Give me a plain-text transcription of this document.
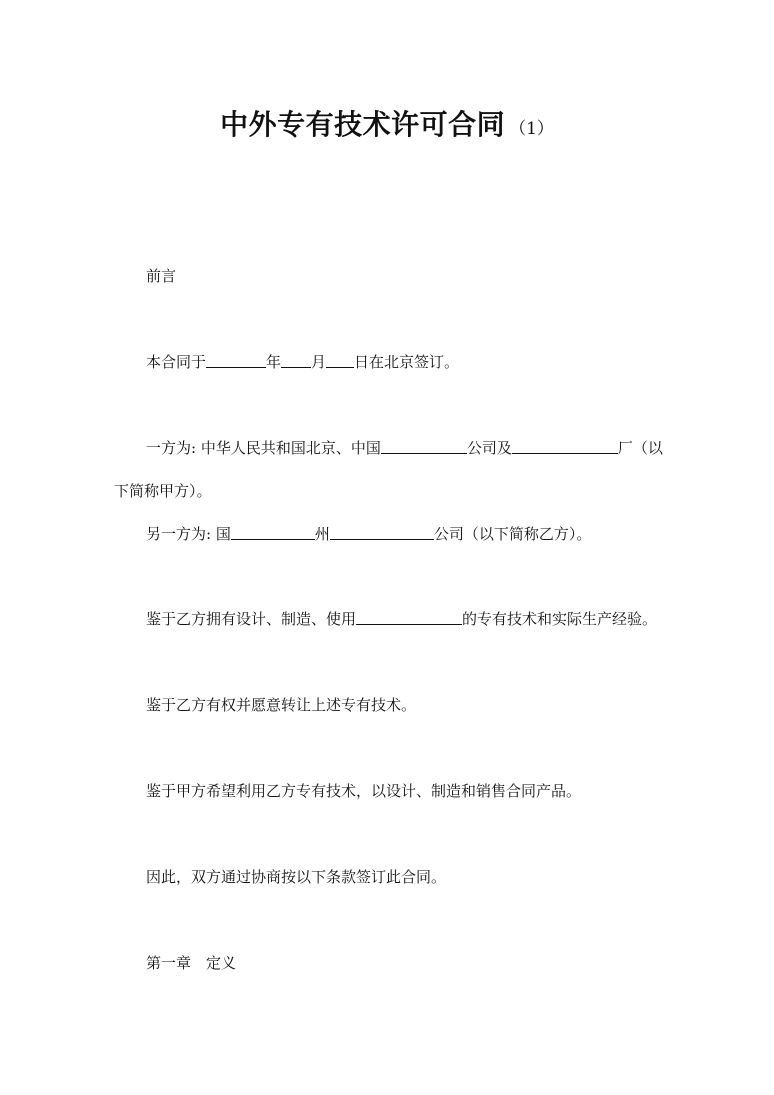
中外专有技术许可合同 （1）
前言
本合同于	年 月 日在北京签订。
一方为: 中华人民共和国北京、中国	公司及	厂（以
下简称甲方）。
另一方为: 国	州	公司（以下简称乙方）。
鉴于乙方拥有设计、制造、使用	的专有技术和实际生产经验。
鉴于乙方有权并愿意转让上述专有技术。
鉴于甲方希望利用乙方专有技术，以设计、制造和销售合同产品。
因此，双方通过协商按以下条款签订此合同。
第一章　定义
